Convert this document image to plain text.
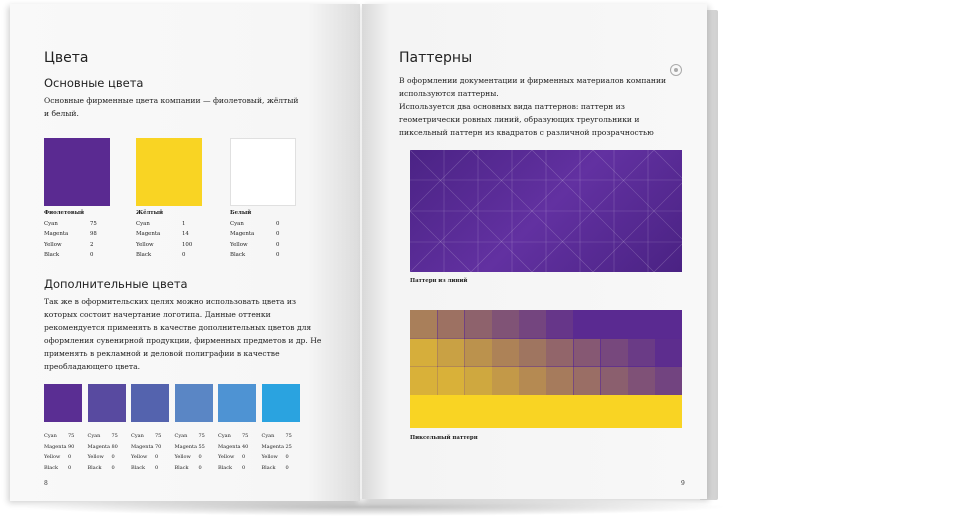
Цвета
Основные цвета
Основные фирменные цвета компании — фиолетовый, жёлтый и белый.
Фиолетовый
Cyan	75
Magenta	98
Yellow	2
Black	0
Жёлтый
Cyan	1
Magenta	14
Yellow	100
Black	0
Белый
Cyan	0
Magenta	0
Yellow	0
Black	0
Дополнительные цвета
Так же в оформительских целях можно использовать цвета из
которых состоит начертание логотипа. Данные оттенки
рекомендуется применять в качестве дополнительных цветов для
оформления сувенирной продукции, фирменных предметов и др. Не
применять в рекламной и деловой полиграфии в качестве
преобладающего цвета.
Cyan	75
Magenta 90
Yellow	0
Black	0
Cyan	75
Magenta 80
Yellow	0
Black	0
Cyan	75
Magenta 70
Yellow	0
Black	0
Cyan	75
Magenta 55
Yellow	0
Black	0
Cyan	75
Magenta 40
Yellow	0
Black	0
Cyan	75
Magenta 25
Yellow	0
Black	0
8
Паттерны
В оформлении документации и фирменных материалов компании
используются паттерны.
Используется два основных вида паттернов: паттерн из
геометрически ровных линий, образующих треугольники и
пиксельный паттерн из квадратов с различной прозрачностью
Паттерн из линий
Пиксельный паттерн
9
